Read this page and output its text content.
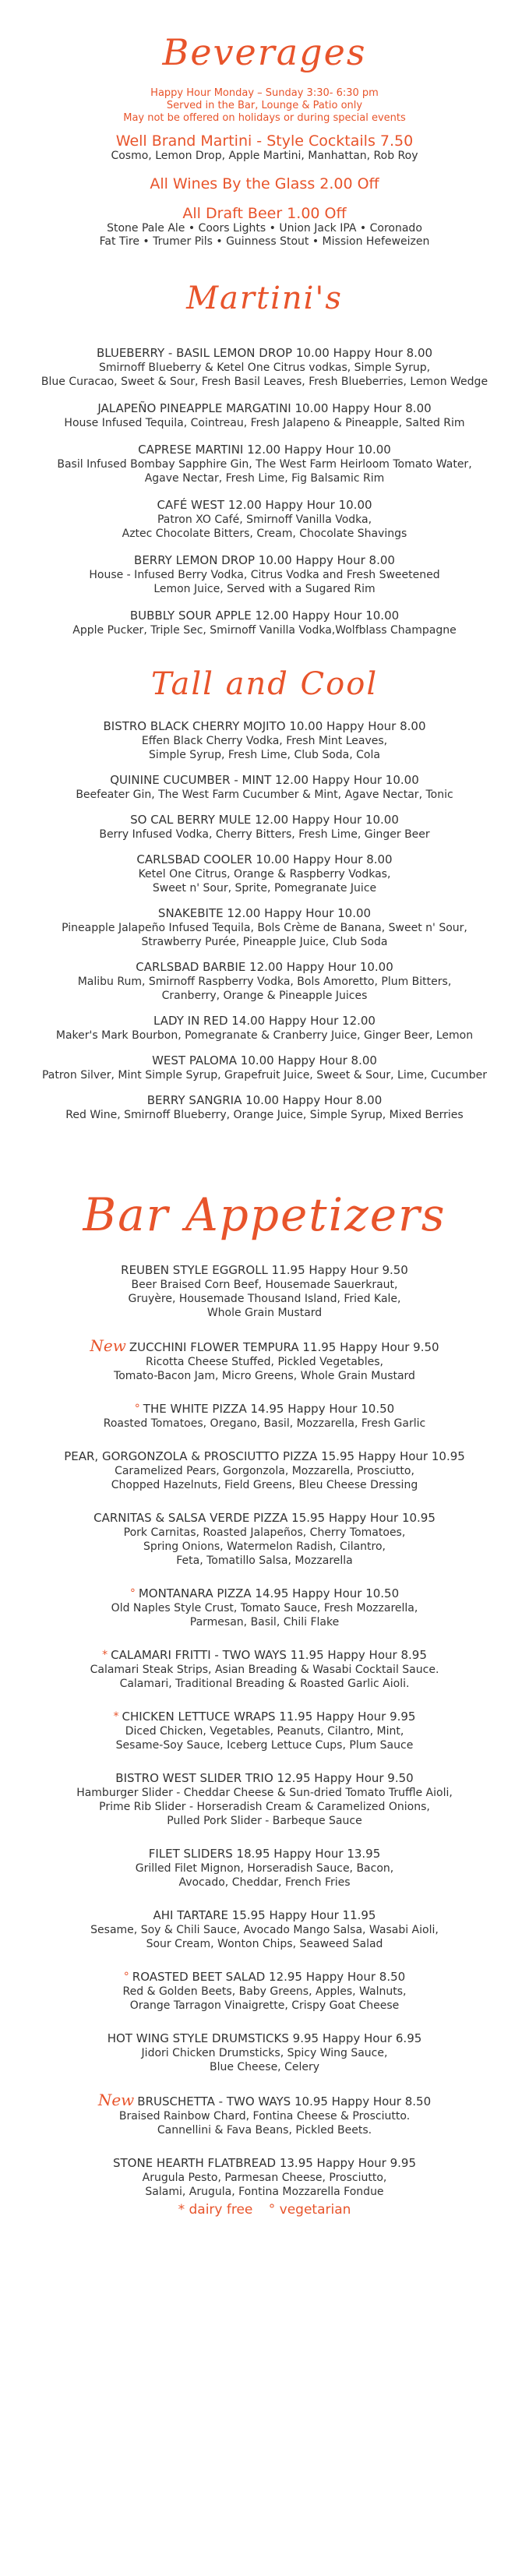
Beverages
Happy Hour Monday – Sunday 3:30- 6:30 pm
Served in the Bar, Lounge & Patio only
May not be offered on holidays or during special events
Well Brand Martini - Style Cocktails 7.50
Cosmo, Lemon Drop, Apple Martini, Manhattan, Rob Roy
All Wines By the Glass 2.00 Off
All Draft Beer 1.00 Off
Stone Pale Ale • Coors Lights • Union Jack IPA • Coronado
Fat Tire • Trumer Pils • Guinness Stout • Mission Hefeweizen
Martini's
BLUEBERRY - BASIL LEMON DROP 10.00 Happy Hour 8.00
Smirnoff Blueberry & Ketel One Citrus vodkas, Simple Syrup,
Blue Curacao, Sweet & Sour, Fresh Basil Leaves, Fresh Blueberries, Lemon Wedge
JALAPEÑO PINEAPPLE MARGATINI 10.00 Happy Hour 8.00
House Infused Tequila, Cointreau, Fresh Jalapeno & Pineapple, Salted Rim
CAPRESE MARTINI 12.00 Happy Hour 10.00
Basil Infused Bombay Sapphire Gin, The West Farm Heirloom Tomato Water,
Agave Nectar, Fresh Lime, Fig Balsamic Rim
CAFÉ WEST 12.00 Happy Hour 10.00
Patron XO Café, Smirnoff Vanilla Vodka,
Aztec Chocolate Bitters, Cream, Chocolate Shavings
BERRY LEMON DROP 10.00 Happy Hour 8.00
House - Infused Berry Vodka, Citrus Vodka and Fresh Sweetened
Lemon Juice, Served with a Sugared Rim
BUBBLY SOUR APPLE 12.00 Happy Hour 10.00
Apple Pucker, Triple Sec, Smirnoff Vanilla Vodka,Wolfblass Champagne
Tall and Cool
BISTRO BLACK CHERRY MOJITO 10.00 Happy Hour 8.00
Effen Black Cherry Vodka, Fresh Mint Leaves,
Simple Syrup, Fresh Lime, Club Soda, Cola
QUININE CUCUMBER - MINT 12.00 Happy Hour 10.00
Beefeater Gin, The West Farm Cucumber & Mint, Agave Nectar, Tonic
SO CAL BERRY MULE 12.00 Happy Hour 10.00
Berry Infused Vodka, Cherry Bitters, Fresh Lime, Ginger Beer
CARLSBAD COOLER 10.00 Happy Hour 8.00
Ketel One Citrus, Orange & Raspberry Vodkas,
Sweet n' Sour, Sprite, Pomegranate Juice
SNAKEBITE 12.00 Happy Hour 10.00
Pineapple Jalapeño Infused Tequila, Bols Crème de Banana, Sweet n' Sour,
Strawberry Purée, Pineapple Juice, Club Soda
CARLSBAD BARBIE 12.00 Happy Hour 10.00
Malibu Rum, Smirnoff Raspberry Vodka, Bols Amoretto, Plum Bitters,
Cranberry, Orange & Pineapple Juices
LADY IN RED 14.00 Happy Hour 12.00
Maker's Mark Bourbon, Pomegranate & Cranberry Juice, Ginger Beer, Lemon
WEST PALOMA 10.00 Happy Hour 8.00
Patron Silver, Mint Simple Syrup, Grapefruit Juice, Sweet & Sour, Lime, Cucumber
BERRY SANGRIA 10.00 Happy Hour 8.00
Red Wine, Smirnoff Blueberry, Orange Juice, Simple Syrup, Mixed Berries
Bar Appetizers
REUBEN STYLE EGGROLL 11.95 Happy Hour 9.50
Beer Braised Corn Beef, Housemade Sauerkraut,
Gruyère, Housemade Thousand Island, Fried Kale,
Whole Grain Mustard
New ZUCCHINI FLOWER TEMPURA 11.95 Happy Hour 9.50
Ricotta Cheese Stuffed, Pickled Vegetables,
Tomato-Bacon Jam, Micro Greens, Whole Grain Mustard
° THE WHITE PIZZA 14.95 Happy Hour 10.50
Roasted Tomatoes, Oregano, Basil, Mozzarella, Fresh Garlic
PEAR, GORGONZOLA & PROSCIUTTO PIZZA 15.95 Happy Hour 10.95
Caramelized Pears, Gorgonzola, Mozzarella, Prosciutto,
Chopped Hazelnuts, Field Greens, Bleu Cheese Dressing
CARNITAS & SALSA VERDE PIZZA 15.95 Happy Hour 10.95
Pork Carnitas, Roasted Jalapeños, Cherry Tomatoes,
Spring Onions, Watermelon Radish, Cilantro,
Feta, Tomatillo Salsa, Mozzarella
° MONTANARA PIZZA 14.95 Happy Hour 10.50
Old Naples Style Crust, Tomato Sauce, Fresh Mozzarella,
Parmesan, Basil, Chili Flake
* CALAMARI FRITTI - TWO WAYS 11.95 Happy Hour 8.95
Calamari Steak Strips, Asian Breading & Wasabi Cocktail Sauce.
Calamari, Traditional Breading & Roasted Garlic Aioli.
* CHICKEN LETTUCE WRAPS 11.95 Happy Hour 9.95
Diced Chicken, Vegetables, Peanuts, Cilantro, Mint,
Sesame-Soy Sauce, Iceberg Lettuce Cups, Plum Sauce
BISTRO WEST SLIDER TRIO 12.95 Happy Hour 9.50
Hamburger Slider - Cheddar Cheese & Sun-dried Tomato Truffle Aioli,
Prime Rib Slider - Horseradish Cream & Caramelized Onions,
Pulled Pork Slider - Barbeque Sauce
FILET SLIDERS 18.95 Happy Hour 13.95
Grilled Filet Mignon, Horseradish Sauce, Bacon,
Avocado, Cheddar, French Fries
AHI TARTARE 15.95 Happy Hour 11.95
Sesame, Soy & Chili Sauce, Avocado Mango Salsa, Wasabi Aioli,
Sour Cream, Wonton Chips, Seaweed Salad
° ROASTED BEET SALAD 12.95 Happy Hour 8.50
Red & Golden Beets, Baby Greens, Apples, Walnuts,
Orange Tarragon Vinaigrette, Crispy Goat Cheese
HOT WING STYLE DRUMSTICKS 9.95 Happy Hour 6.95
Jidori Chicken Drumsticks, Spicy Wing Sauce,
Blue Cheese, Celery
New BRUSCHETTA - TWO WAYS 10.95 Happy Hour 8.50
Braised Rainbow Chard, Fontina Cheese & Prosciutto.
Cannellini & Fava Beans, Pickled Beets.
STONE HEARTH FLATBREAD 13.95 Happy Hour 9.95
Arugula Pesto, Parmesan Cheese, Prosciutto,
Salami, Arugula, Fontina Mozzarella Fondue
* dairy free ° vegetarian
